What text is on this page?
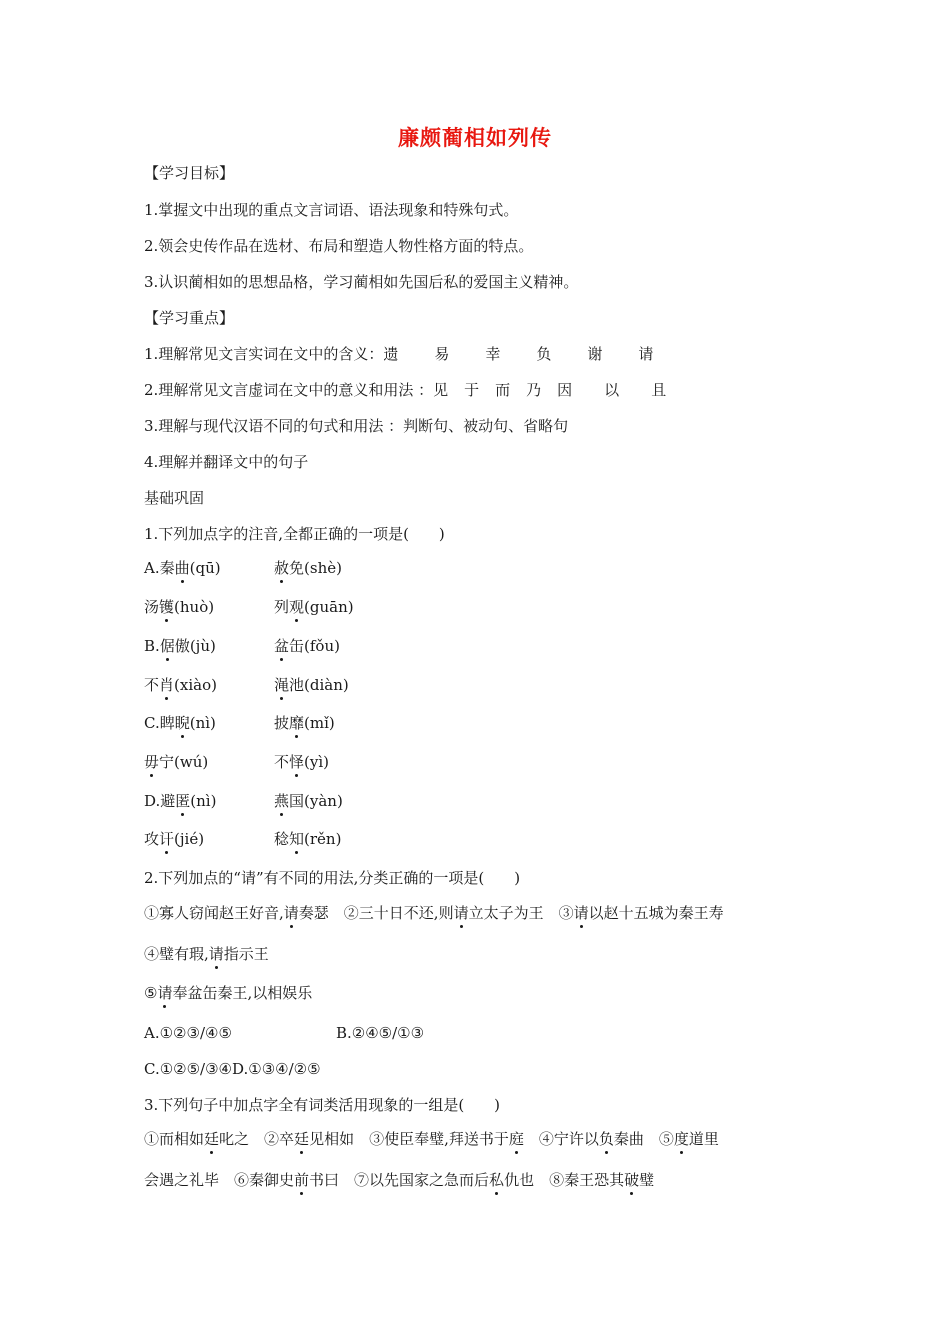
廉颇蔺相如列传
【学习目标】
1.掌握文中出现的重点文言词语、语法现象和特殊句式。
2.领会史传作品在选材、布局和塑造人物性格方面的特点。
3.认识蔺相如的思想品格，学习蔺相如先国后私的爱国主义精神。
【学习重点】
1.理解常见文言实词在文中的含义：遗 易 幸 负 谢 请
2.理解常见文言虚词在文中的意义和用法 ：见 于 而 乃 因 以 且
3.理解与现代汉语不同的句式和用法 ：判断句、被动句、省略句
4.理解并翻译文中的句子
基础巩固
1.下列加点字的注音,全都正确的一项是(　　)
A.秦曲(qū)	赦免(shè)
汤镬(huò)	列观(guān)
B.倨傲(jù)	盆缶(fǒu)
不肖(xiào)	渑池(diàn)
C.睥睨(nì)	披靡(mǐ)
毋宁(wú)	不怿(yì)
D.避匿(nì)	燕国(yàn)
攻讦(jié)	稔知(rěn)
2.下列加点的“请”有不同的用法,分类正确的一项是(　　)
①寡人窃闻赵王好音,请奏瑟　②三十日不还,则请立太子为王　③请以赵十五城为秦王寿
④璧有瑕,请指示王
⑤请奉盆缶秦王,以相娱乐
A.①②③/④⑤	B.②④⑤/①③
C.①②⑤/③④D.①③④/②⑤
3.下列句子中加点字全有词类活用现象的一组是(　　)
①而相如廷叱之　②卒廷见相如　③使臣奉璧,拜送书于庭　④宁许以负秦曲　⑤度道里
会遇之礼毕　⑥秦御史前书曰　⑦以先国家之急而后私仇也　⑧秦王恐其破璧
